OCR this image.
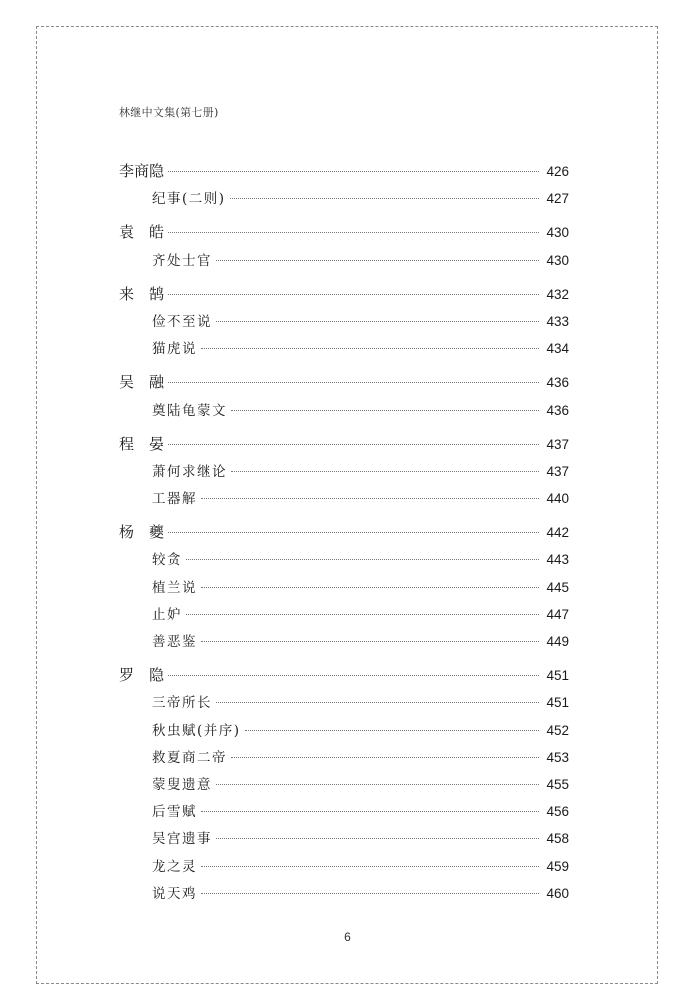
林继中文集(第七册)
李商隐	426
纪事(二则)	427
袁　皓	430
齐处士官	430
来　鹄	432
俭不至说	433
猫虎说	434
吴　融	436
奠陆龟蒙文	436
程　晏	437
萧何求继论	437
工器解	440
杨　夔	442
较贪	443
植兰说	445
止妒	447
善恶鉴	449
罗　隐	451
三帝所长	451
秋虫赋(并序)	452
救夏商二帝	453
蒙叟遗意	455
后雪赋	456
吴宫遗事	458
龙之灵	459
说天鸡	460
6
